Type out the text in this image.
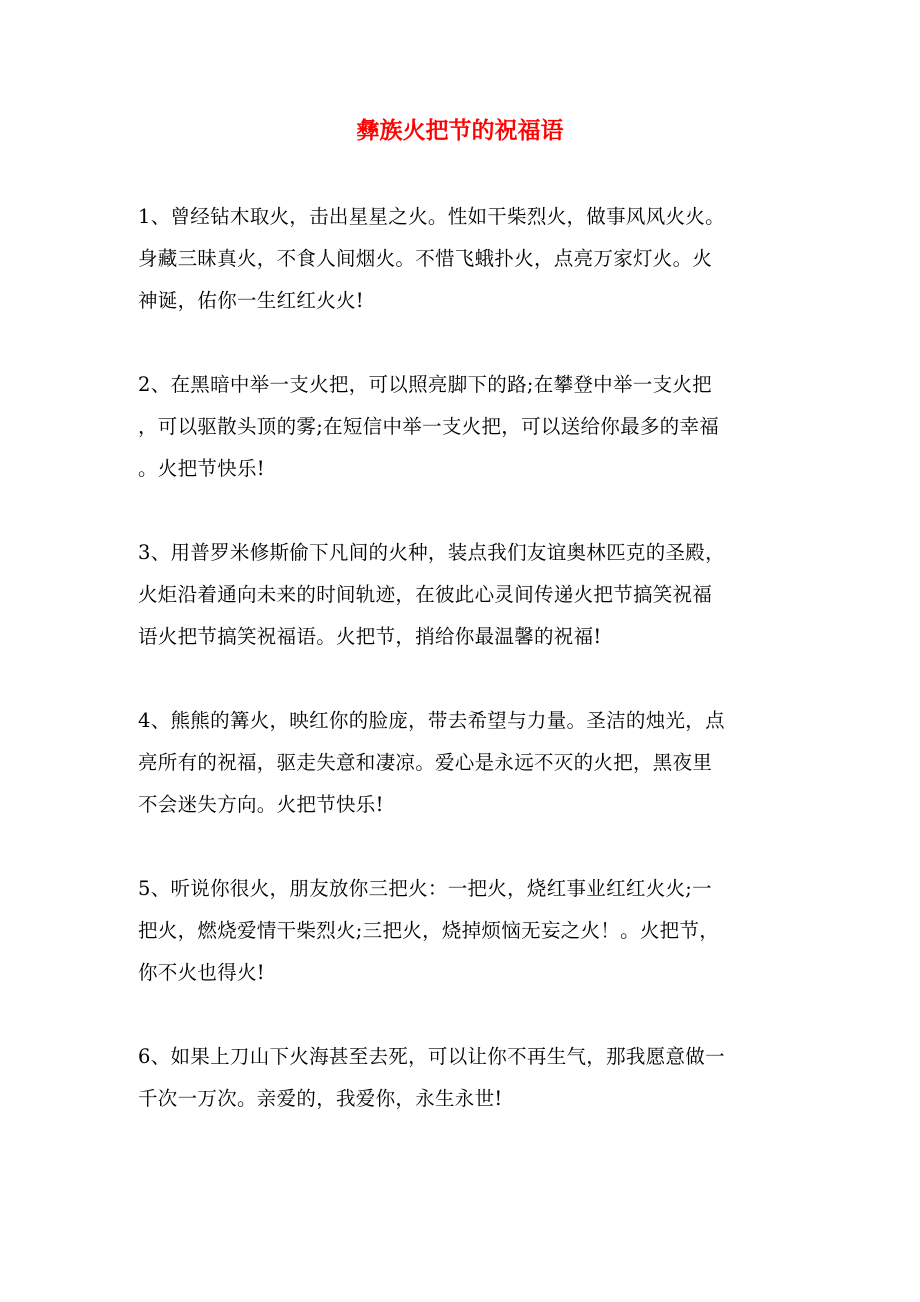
彝族火把节的祝福语
1、曾经钻木取火，击出星星之火。性如干柴烈火，做事风风火火。
身藏三昧真火，不食人间烟火。不惜飞蛾扑火，点亮万家灯火。火
神诞，佑你一生红红火火!
2、在黑暗中举一支火把，可以照亮脚下的路;在攀登中举一支火把
，可以驱散头顶的雾;在短信中举一支火把，可以送给你最多的幸福
。火把节快乐!
3、用普罗米修斯偷下凡间的火种，装点我们友谊奥林匹克的圣殿，
火炬沿着通向未来的时间轨迹，在彼此心灵间传递火把节搞笑祝福
语火把节搞笑祝福语。火把节，捎给你最温馨的祝福!
4、熊熊的篝火，映红你的脸庞，带去希望与力量。圣洁的烛光，点
亮所有的祝福，驱走失意和凄凉。爱心是永远不灭的火把，黑夜里
不会迷失方向。火把节快乐!
5、听说你很火，朋友放你三把火：一把火，烧红事业红红火火;一
把火，燃烧爱情干柴烈火;三把火，烧掉烦恼无妄之火！。火把节，
你不火也得火!
6、如果上刀山下火海甚至去死，可以让你不再生气，那我愿意做一
千次一万次。亲爱的，我爱你，永生永世!
